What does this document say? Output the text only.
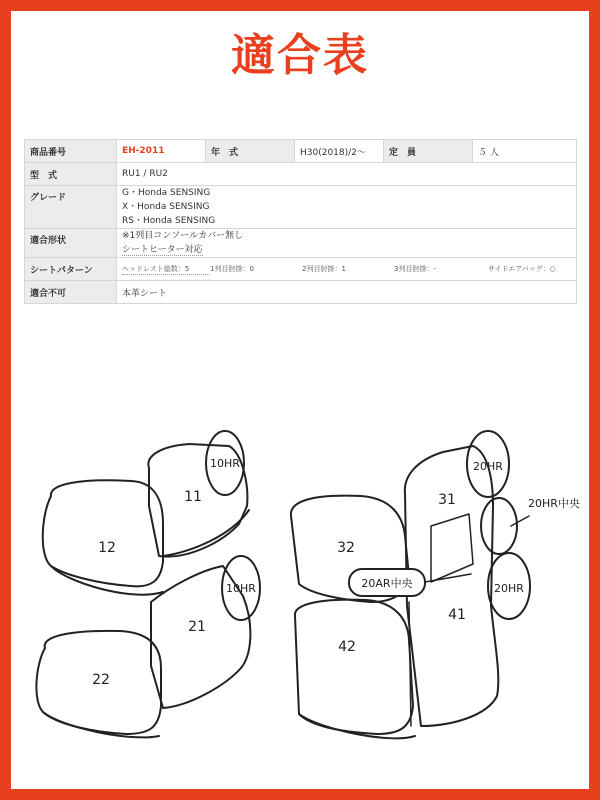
適合表
商品番号	EH-2011	年　式	H30(2018)/2～	定　員	５ 人
型　式	RU1 / RU2				
グレード	G・Honda SENSING
X・Honda SENSING
RS・Honda SENSING				

適合形状	※1列目コンソールカバー無し
シートヒーター対応				

シートパターン	ヘッドレスト総数：5 1列目肘掛：0 2列目肘掛：1 3列目肘掛：- サイドエアバッグ：○				
適合不可	本革シート				
10HR
11
12
10HR
21
22
20HR
31	20HR中央
32
20AR中央	20HR
41
42
